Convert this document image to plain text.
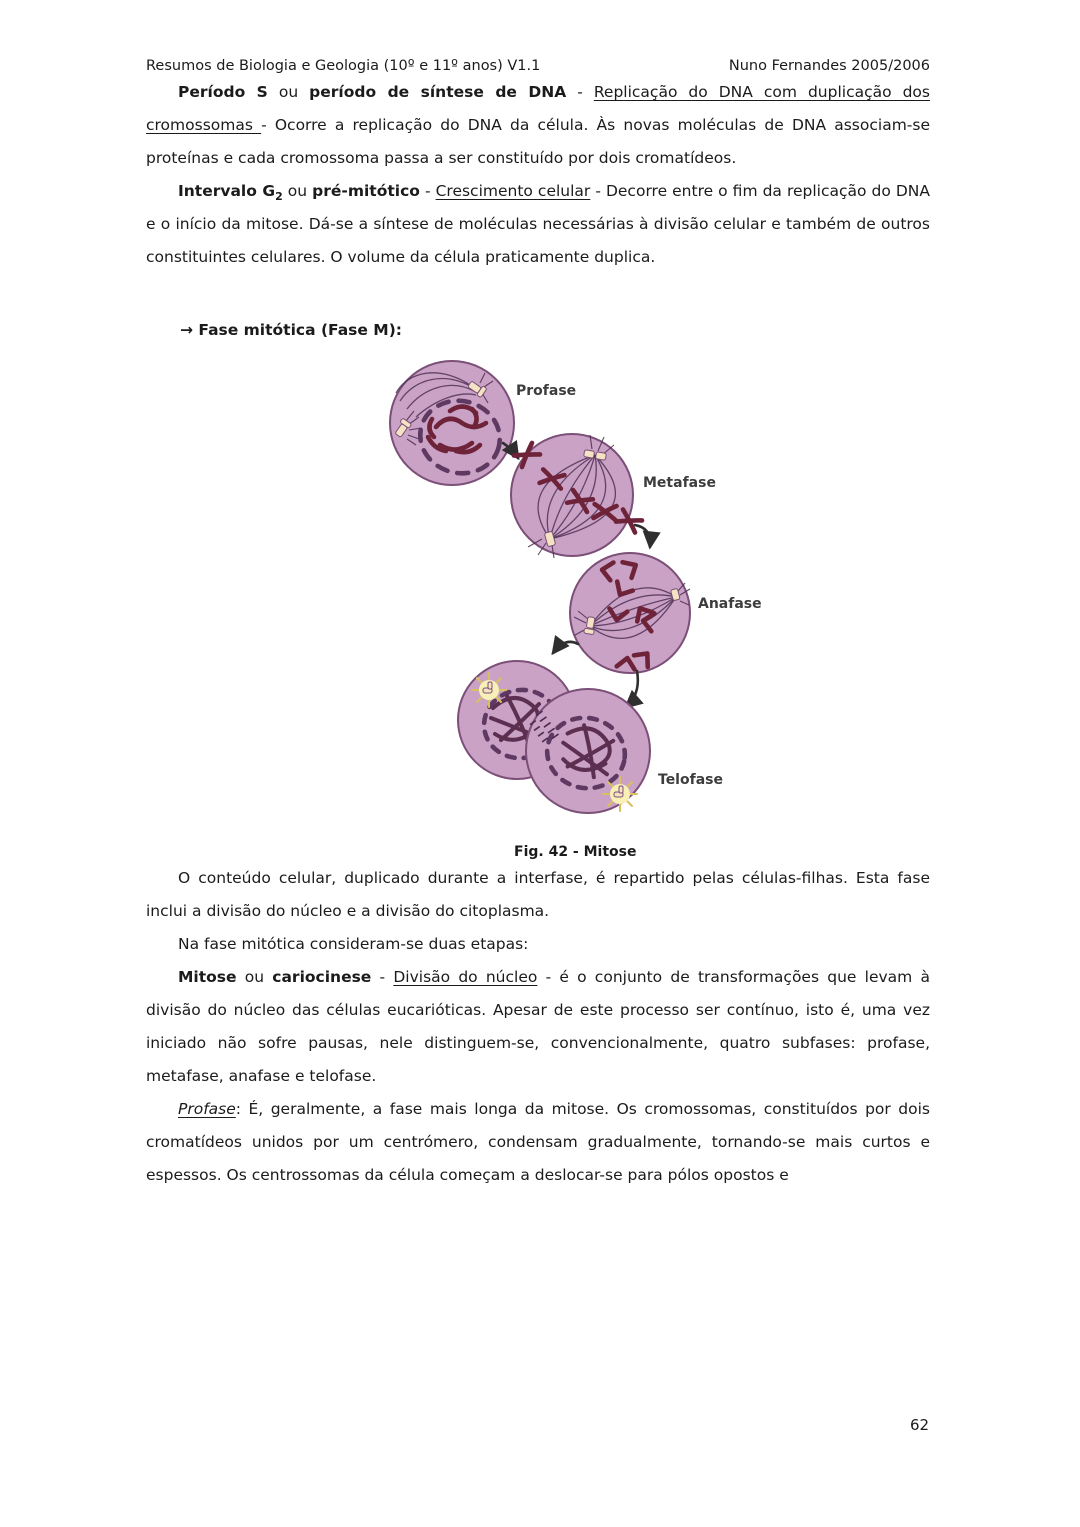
Resumos de Biologia e Geologia (10º e 11º anos) V1.1	Nuno Fernandes 2005/2006

Período S ou período de síntese de DNA - Replicação do DNA com duplicação dos cromossomas - Ocorre a replicação do DNA da célula. Às novas moléculas de DNA associam-se proteínas e cada cromossoma passa a ser constituído por dois cromatídeos.

Intervalo $G_2$ ou pré-mitótico - Crescimento celular - Decorre entre o fim da replicação do DNA e o início da mitose. Dá-se a síntese de moléculas necessárias à divisão celular e também de outros constituintes celulares. O volume da célula praticamente duplica.

→ Fase mitótica (Fase M):

Profase
Metafase
Anafase
Telofase
Fig. 42 - Mitose

O conteúdo celular, duplicado durante a interfase, é repartido pelas células-filhas. Esta fase inclui a divisão do núcleo e a divisão do citoplasma.

Na fase mitótica consideram-se duas etapas:

Mitose ou cariocinese - Divisão do núcleo - é o conjunto de transformações que levam à divisão do núcleo das células eucarióticas. Apesar de este processo ser contínuo, isto é, uma vez iniciado não sofre pausas, nele distinguem-se, convencionalmente, quatro subfases: profase, metafase, anafase e telofase.

Profase: É, geralmente, a fase mais longa da mitose. Os cromossomas, constituídos por dois cromatídeos unidos por um centrómero, condensam gradualmente, tornando-se mais curtos e espessos. Os centrossomas da célula começam a deslocar-se para pólos opostos e

62
